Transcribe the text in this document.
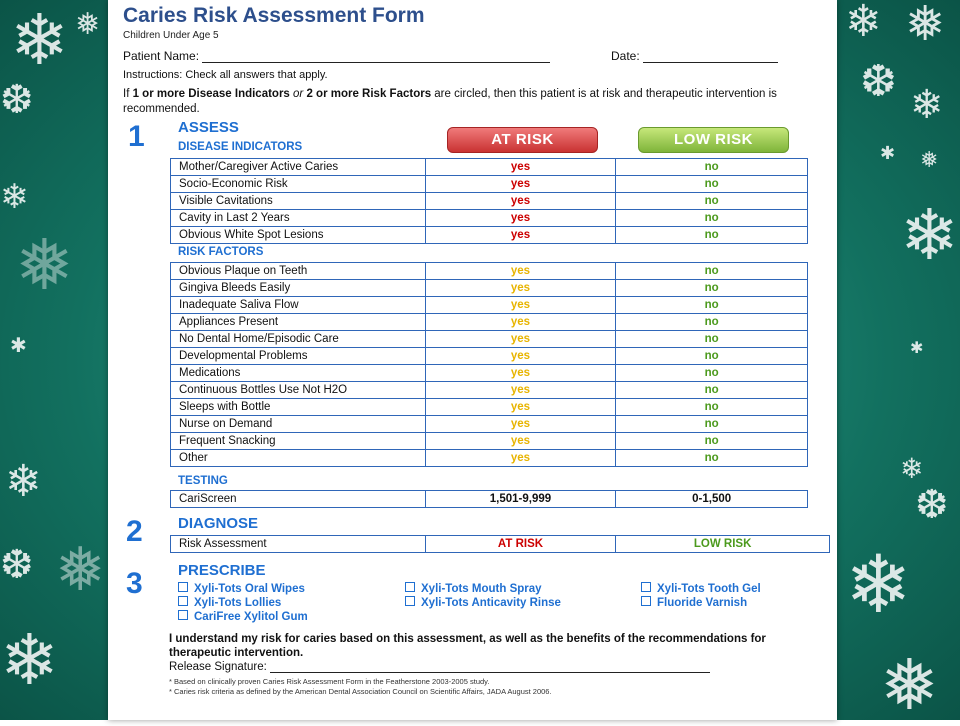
❄ ❅
❆
❄
❅
✱
❄
❆ ❅
❄
❄ ❅
❆ ❄
✱ ❅
❄
✱
❄
❆
❄
❅
Caries Risk Assessment Form
Children Under Age 5
Patient Name:	Date:
Instructions: Check all answers that apply.
If 1 or more Disease Indicators or 2 or more Risk Factors are circled, then this patient is at risk and therapeutic intervention is recommended.
1 ASSESS
DISEASE INDICATORS	AT RISK	LOW RISK
Mother/Caregiver Active Caries	yes	no
Socio-Economic Risk	yes	no
Visible Cavitations	yes	no
Cavity in Last 2 Years	yes	no
Obvious White Spot Lesions	yes	no
RISK FACTORS
Obvious Plaque on Teeth	yes	no
Gingiva Bleeds Easily	yes	no
Inadequate Saliva Flow	yes	no
Appliances Present	yes	no
No Dental Home/Episodic Care	yes	no
Developmental Problems	yes	no
Medications	yes	no
Continuous Bottles Use Not H2O	yes	no
Sleeps with Bottle	yes	no
Nurse on Demand	yes	no
Frequent Snacking	yes	no
Other	yes	no
TESTING
CariScreen	1,501-9,999	0-1,500
2 DIAGNOSE
Risk Assessment	AT RISK	LOW RISK
3 PRESCRIBE
Xyli-Tots Oral Wipes
Xyli-Tots Lollies
CariFree Xylitol Gum
Xyli-Tots Mouth Spray
Xyli-Tots Anticavity Rinse
Xyli-Tots Tooth Gel
Fluoride Varnish
I understand my risk for caries based on this assessment, as well as the benefits of the recommendations for therapeutic intervention.
Release Signature:
* Based on clinically proven Caries Risk Assessment Form in the Featherstone 2003-2005 study.
* Caries risk criteria as defined by the American Dental Association Council on Scientific Affairs, JADA August 2006.
